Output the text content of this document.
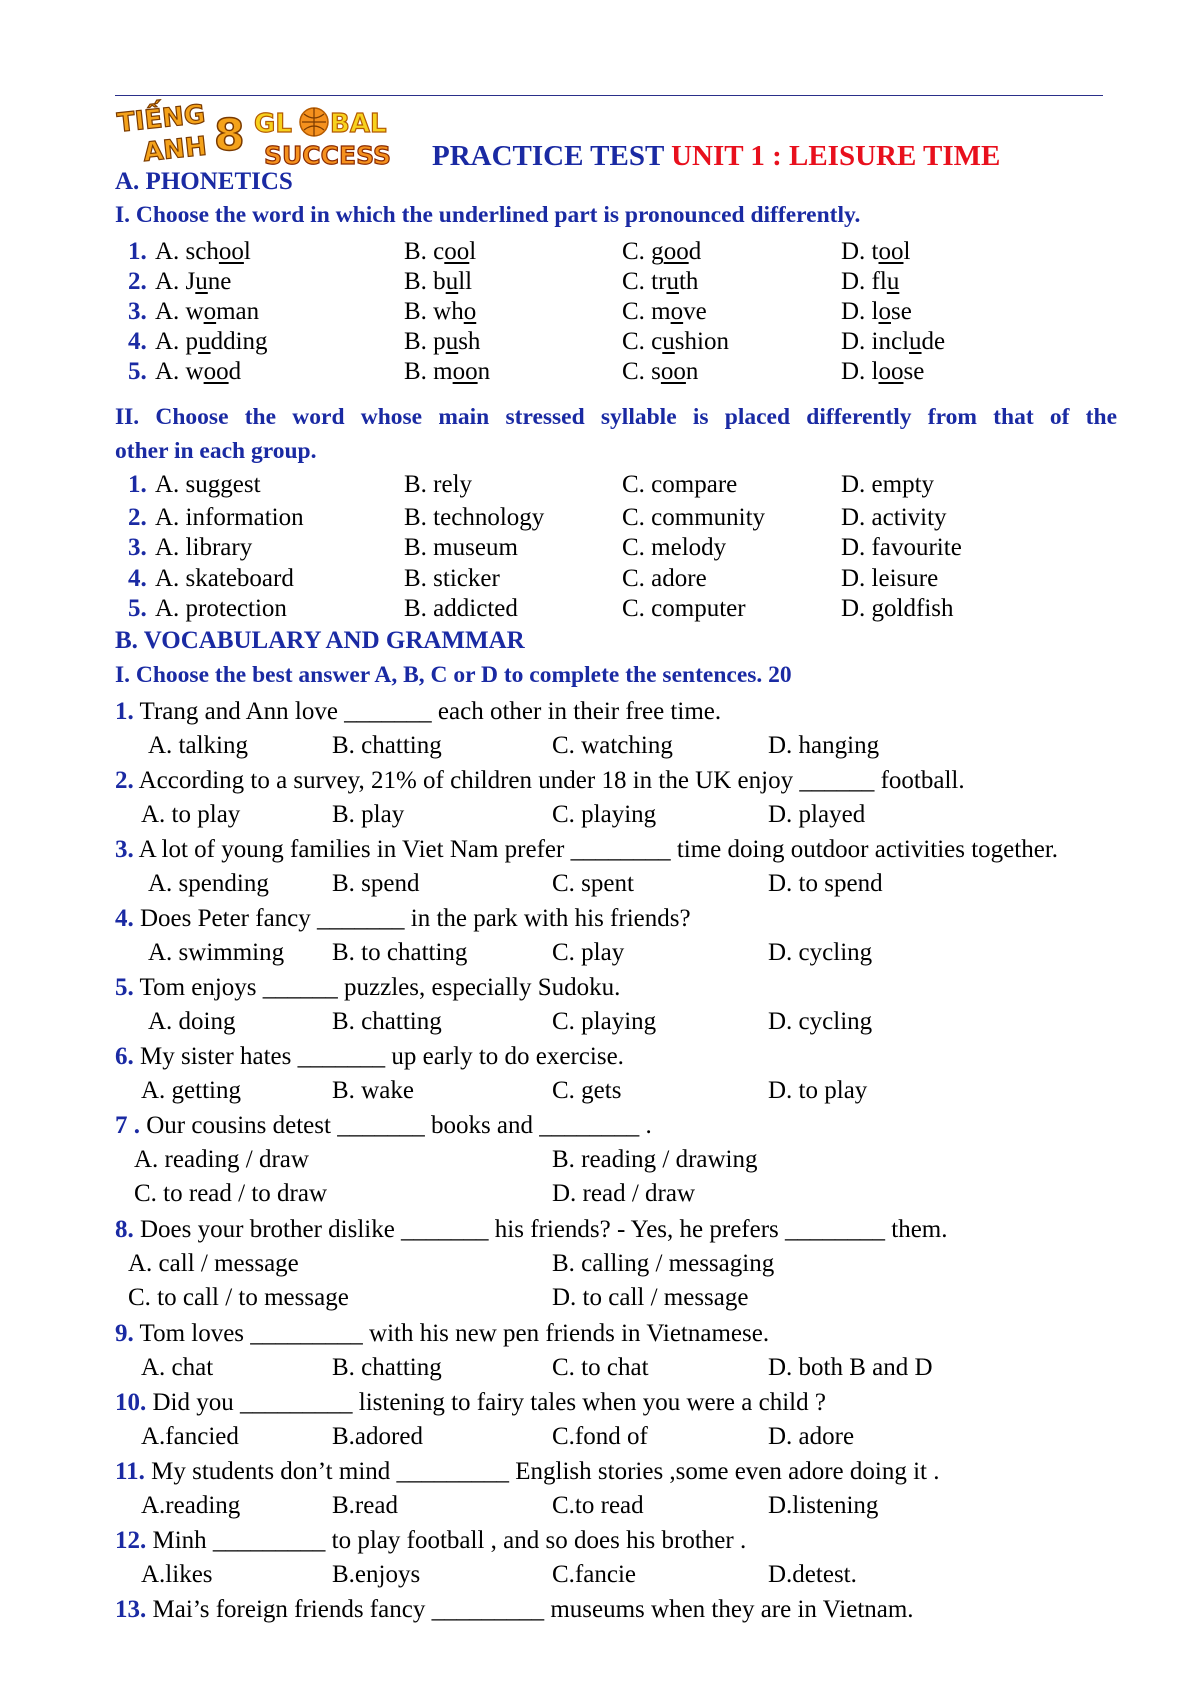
TIẾNG
ANH 8 GL BAL
SUCCESS PRACTICE TEST UNIT 1 : LEISURE TIME
A. PHONETICS
I. Choose the word in which the underlined part is pronounced differently.
1. A. school	B. cool	C. good	D. tool
2. A. June	B. bull	C. truth	D. flu
3. A. woman	B. who	C. move	D. lose
4. A. pudding	B. push	C. cushion	D. include
5. A. wood	B. moon	C. soon	D. loose
II. Choose the word whose main stressed syllable is placed differently from that of the
other in each group.
1. A. suggest	B. rely	C. compare	D. empty
2. A. information	B. technology	C. community	D. activity
3. A. library	B. museum	C. melody	D. favourite
4. A. skateboard	B. sticker	C. adore	D. leisure
5. A. protection	B. addicted	C. computer	D. goldfish
B. VOCABULARY AND GRAMMAR
I. Choose the best answer A, B, C or D to complete the sentences. 20
1. Trang and Ann love _______ each other in their free time.
A. talking	B. chatting	C. watching	D. hanging
2. According to a survey, 21% of children under 18 in the UK enjoy ______ football.
A. to play	B. play	C. playing	D. played
3. A lot of young families in Viet Nam prefer ________ time doing outdoor activities together.
A. spending	B. spend	C. spent	D. to spend
4. Does Peter fancy _______ in the park with his friends?
A. swimming B. to chatting	C. play	D. cycling
5. Tom enjoys ______ puzzles, especially Sudoku.
A. doing	B. chatting	C. playing	D. cycling
6. My sister hates _______ up early to do exercise.
A. getting	B. wake	C. gets	D. to play
7 . Our cousins detest _______ books and ________ .
A. reading / draw	B. reading / drawing
C. to read / to draw	D. read / draw
8. Does your brother dislike _______ his friends? - Yes, he prefers ________ them.
A. call / message	B. calling / messaging
C. to call / to message	D. to call / message
9. Tom loves _________ with his new pen friends in Vietnamese.
A. chat	B. chatting	C. to chat	D. both B and D
10. Did you _________ listening to fairy tales when you were a child ?
A.fancied	B.adored	C.fond of	D. adore
11. My students don’t mind _________ English stories ,some even adore doing it .
A.reading	B.read	C.to read	D.listening
12. Minh _________ to play football , and so does his brother .
A.likes	B.enjoys	C.fancie	D.detest.
13. Mai’s foreign friends fancy _________ museums when they are in Vietnam.
